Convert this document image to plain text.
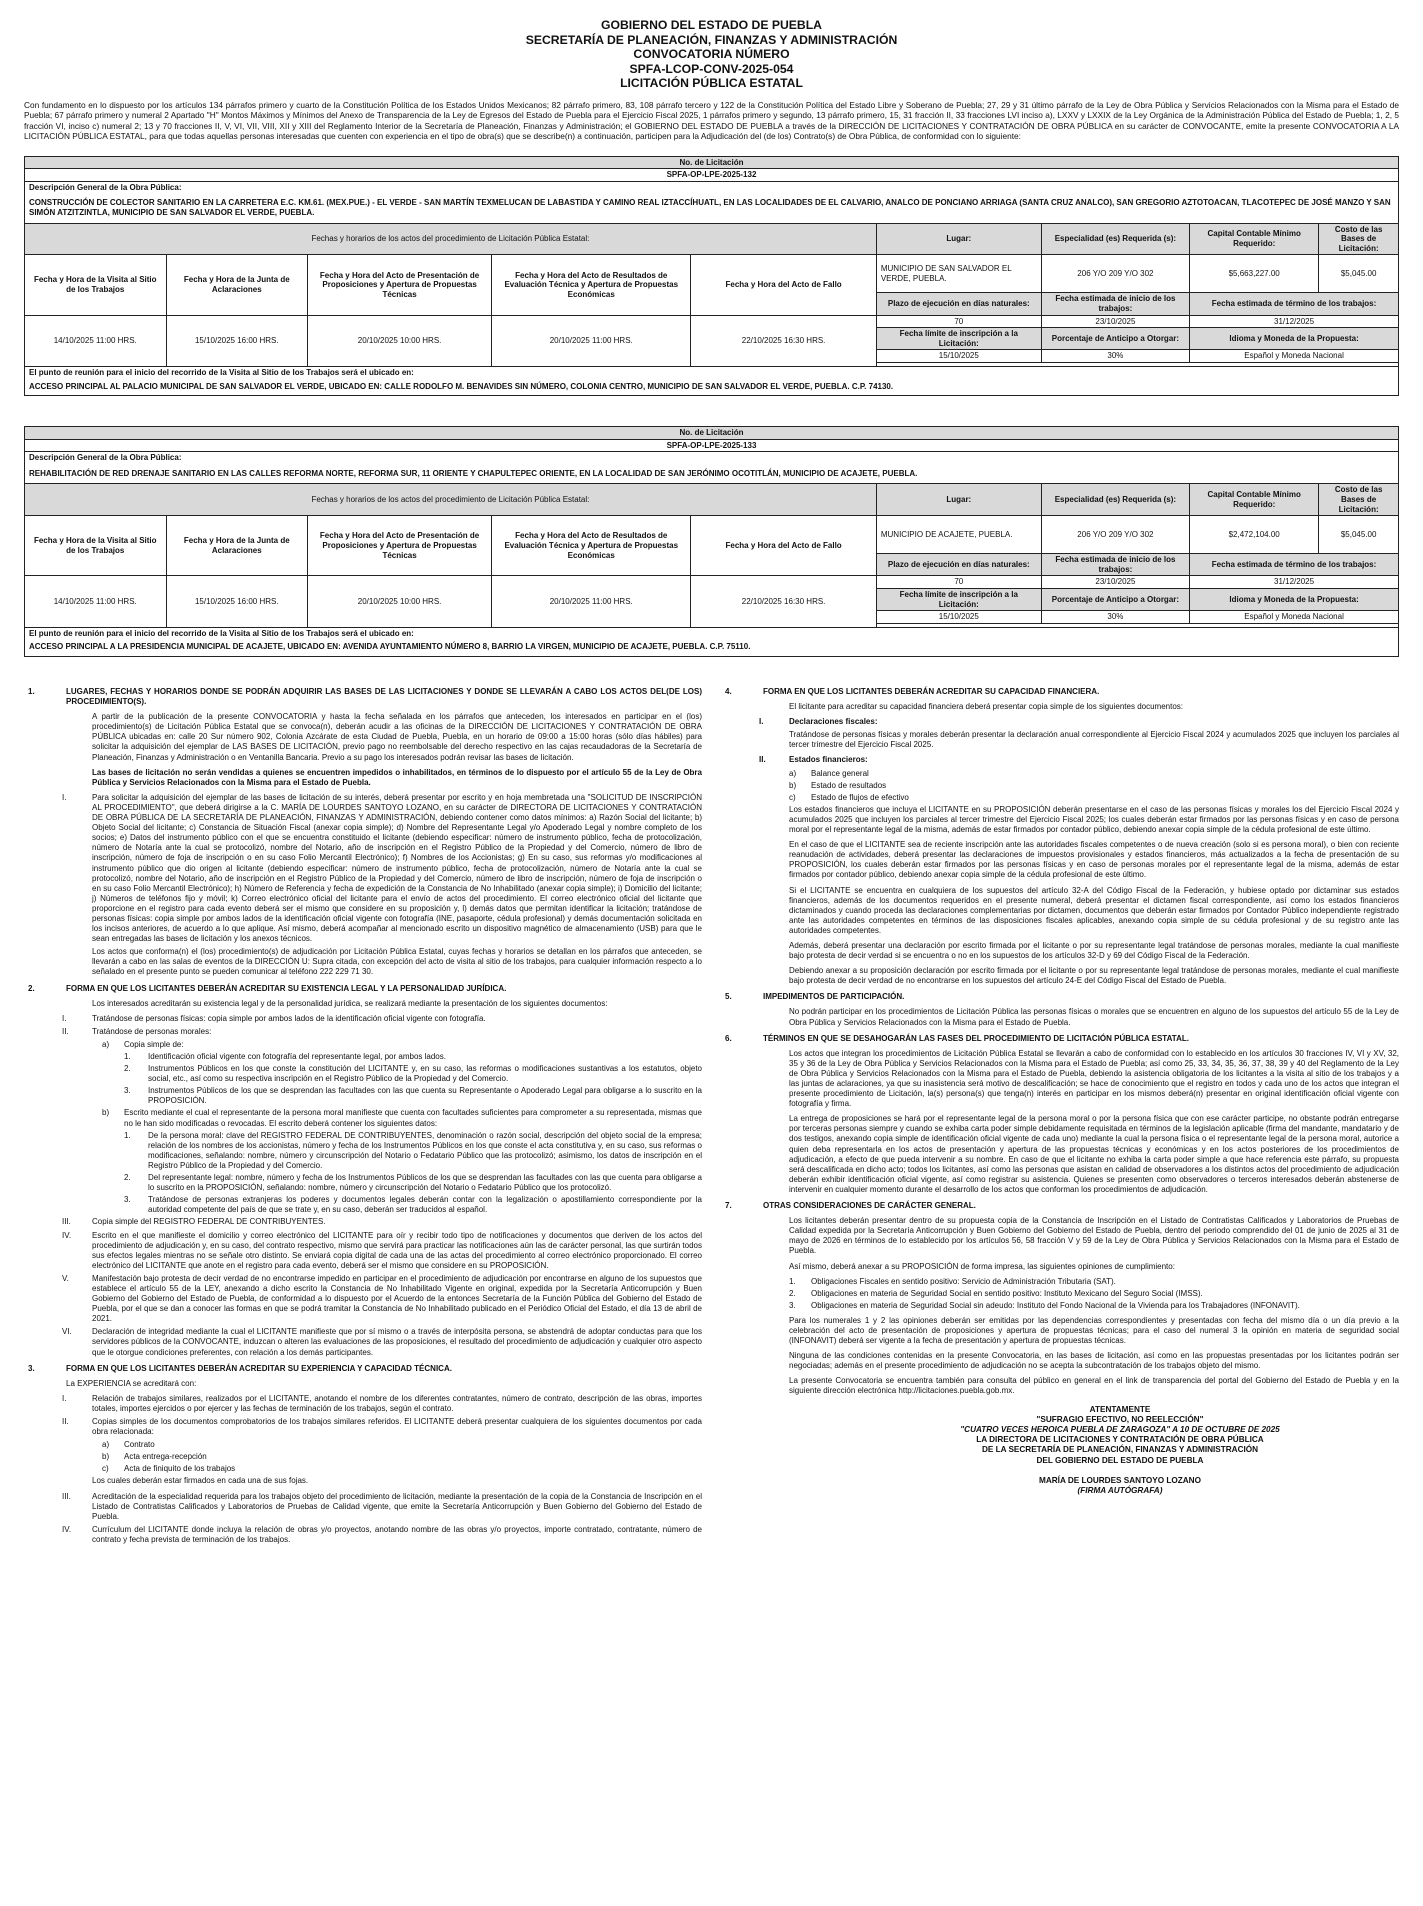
GOBIERNO DEL ESTADO DE PUEBLA
SECRETARÍA DE PLANEACIÓN, FINANZAS Y ADMINISTRACIÓN
CONVOCATORIA NÚMERO
SPFA-LCOP-CONV-2025-054
LICITACIÓN PÚBLICA ESTATAL
Con fundamento en lo dispuesto por los artículos 134 párrafos primero y cuarto de la Constitución Política de los Estados Unidos Mexicanos; 82 párrafo primero, 83, 108 párrafo tercero y 122 de la Constitución Política del Estado Libre y Soberano de Puebla; 27, 29 y 31 último párrafo de la Ley de Obra Pública y Servicios Relacionados con la Misma para el Estado de Puebla; 67 párrafo primero y numeral 2 Apartado "H" Montos Máximos y Mínimos del Anexo de Transparencia de la Ley de Egresos del Estado de Puebla para el Ejercicio Fiscal 2025, 1 párrafos primero y segundo, 13 párrafo primero, 15, 31 fracción II, 33 fracciones LVI inciso a), LXXV y LXXIX de la Ley Orgánica de la Administración Pública del Estado de Puebla; 1, 2, 5 fracción VI, inciso c) numeral 2; 13 y 70 fracciones II, V, VI, VII, VIII, XII y XIII del Reglamento Interior de la Secretaría de Planeación, Finanzas y Administración; el GOBIERNO DEL ESTADO DE PUEBLA a través de la DIRECCIÓN DE LICITACIONES Y CONTRATACIÓN DE OBRA PÚBLICA en su carácter de CONVOCANTE, emite la presente CONVOCATORIA A LA LICITACIÓN PÚBLICA ESTATAL, para que todas aquellas personas interesadas que cuenten con experiencia en el tipo de obra(s) que se describe(n) a continuación, participen para la Adjudicación del (de los) Contrato(s) de Obra Pública, de conformidad con lo siguiente:
No. de Licitación								
SPFA-OP-LPE-2025-132								
Descripción General de la Obra Pública:								
CONSTRUCCIÓN DE COLECTOR SANITARIO EN LA CARRETERA E.C. KM.61. (MEX.PUE.) - EL VERDE - SAN MARTÍN TEXMELUCAN DE LABASTIDA Y CAMINO REAL IZTACCÍHUATL, EN LAS LOCALIDADES DE EL CALVARIO, ANALCO DE PONCIANO ARRIAGA (SANTA CRUZ ANALCO), SAN GREGORIO AZTOTOACAN, TLACOTEPEC DE JOSÉ MANZO Y SAN SIMÓN ATZITZINTLA, MUNICIPIO DE SAN SALVADOR EL VERDE, PUEBLA.								
Fechas y horarios de los actos del procedimiento de Licitación Pública Estatal:					Lugar:	Especialidad (es) Requerida (s):	Capital Contable Mínimo Requerido:	Costo de las Bases de Licitación:
Fecha y Hora de la Visita al Sitio de los Trabajos	Fecha y Hora de la Junta de Aclaraciones	Fecha y Hora del Acto de Presentación de Proposiciones y Apertura de Propuestas Técnicas	Fecha y Hora del Acto de Resultados de Evaluación Técnica y Apertura de Propuestas Económicas	Fecha y Hora del Acto de Fallo	MUNICIPIO DE SAN SALVADOR EL VERDE, PUEBLA.	206 Y/O 209 Y/O 302	$5,663,227.00	$5,045.00
					Plazo de ejecución en días naturales:	Fecha estimada de inicio de los trabajos:	Fecha estimada de término de los trabajos:	
14/10/2025 11:00 HRS.	15/10/2025 16:00 HRS.	20/10/2025 10:00 HRS.	20/10/2025 11:00 HRS.	22/10/2025 16:30 HRS.	70	23/10/2025	31/12/2025	
					Fecha límite de inscripción a la Licitación:	Porcentaje de Anticipo a Otorgar:	Idioma y Moneda de la Propuesta:	
					15/10/2025	30%	Español y Moneda Nacional	

El punto de reunión para el inicio del recorrido de la Visita al Sitio de los Trabajos será el ubicado en:								
ACCESO PRINCIPAL AL PALACIO MUNICIPAL DE SAN SALVADOR EL VERDE, UBICADO EN: CALLE RODOLFO M. BENAVIDES SIN NÚMERO, COLONIA CENTRO, MUNICIPIO DE SAN SALVADOR EL VERDE, PUEBLA. C.P. 74130.								
No. de Licitación								
SPFA-OP-LPE-2025-133								
Descripción General de la Obra Pública:								
REHABILITACIÓN DE RED DRENAJE SANITARIO EN LAS CALLES REFORMA NORTE, REFORMA SUR, 11 ORIENTE Y CHAPULTEPEC ORIENTE, EN LA LOCALIDAD DE SAN JERÓNIMO OCOTITLÁN, MUNICIPIO DE ACAJETE, PUEBLA.								
Fechas y horarios de los actos del procedimiento de Licitación Pública Estatal:					Lugar:	Especialidad (es) Requerida (s):	Capital Contable Mínimo Requerido:	Costo de las Bases de Licitación:
Fecha y Hora de la Visita al Sitio de los Trabajos	Fecha y Hora de la Junta de Aclaraciones	Fecha y Hora del Acto de Presentación de Proposiciones y Apertura de Propuestas Técnicas	Fecha y Hora del Acto de Resultados de Evaluación Técnica y Apertura de Propuestas Económicas	Fecha y Hora del Acto de Fallo	MUNICIPIO DE ACAJETE, PUEBLA.	206 Y/O 209 Y/O 302	$2,472,104.00	$5,045.00
					Plazo de ejecución en días naturales:	Fecha estimada de inicio de los trabajos:	Fecha estimada de término de los trabajos:	
14/10/2025 11:00 HRS.	15/10/2025 16:00 HRS.	20/10/2025 10:00 HRS.	20/10/2025 11:00 HRS.	22/10/2025 16:30 HRS.	70	23/10/2025	31/12/2025	
					Fecha límite de inscripción a la Licitación:	Porcentaje de Anticipo a Otorgar:	Idioma y Moneda de la Propuesta:	
					15/10/2025	30%	Español y Moneda Nacional	

El punto de reunión para el inicio del recorrido de la Visita al Sitio de los Trabajos será el ubicado en:								
ACCESO PRINCIPAL A LA PRESIDENCIA MUNICIPAL DE ACAJETE, UBICADO EN: AVENIDA AYUNTAMIENTO NÚMERO 8, BARRIO LA VIRGEN, MUNICIPIO DE ACAJETE, PUEBLA. C.P. 75110.								
1.	LUGARES, FECHAS Y HORARIOS DONDE SE PODRÁN ADQUIRIR LAS BASES DE LAS LICITACIONES Y DONDE SE LLEVARÁN A CABO LOS ACTOS DEL(DE LOS) PROCEDIMIENTO(S).
A partir de la publicación de la presente CONVOCATORIA y hasta la fecha señalada en los párrafos que anteceden, los interesados en participar en el (los) procedimiento(s) de Licitación Pública Estatal que se convoca(n), deberán acudir a las oficinas de la DIRECCIÓN DE LICITACIONES Y CONTRATACIÓN DE OBRA PÚBLICA ubicadas en: calle 20 Sur número 902, Colonia Azcárate de esta Ciudad de Puebla, Puebla, en un horario de 09:00 a 15:00 horas (sólo días hábiles) para solicitar la adquisición del ejemplar de LAS BASES DE LICITACIÓN, previo pago no reembolsable del derecho respectivo en las cajas recaudadoras de la Secretaría de Planeación, Finanzas y Administración o en Ventanilla Bancaria. Previo a su pago los interesados podrán revisar las bases de licitación.
Las bases de licitación no serán vendidas a quienes se encuentren impedidos o inhabilitados, en términos de lo dispuesto por el artículo 55 de la Ley de Obra Pública y Servicios Relacionados con la Misma para el Estado de Puebla.
I.	Para solicitar la adquisición del ejemplar de las bases de licitación de su interés, deberá presentar por escrito y en hoja membretada una "SOLICITUD DE INSCRIPCIÓN AL PROCEDIMIENTO", que deberá dirigirse a la C. MARÍA DE LOURDES SANTOYO LOZANO, en su carácter de DIRECTORA DE LICITACIONES Y CONTRATACIÓN DE OBRA PÚBLICA DE LA SECRETARÍA DE PLANEACIÓN, FINANZAS Y ADMINISTRACIÓN, debiendo contener como datos mínimos: a) Razón Social del licitante; b) Objeto Social del licitante; c) Constancia de Situación Fiscal (anexar copia simple); d) Nombre del Representante Legal y/o Apoderado Legal y nombre completo de los socios; e) Datos del instrumento público con el que se encuentra constituido el licitante (debiendo especificar: número de instrumento público, fecha de protocolización, número de Notaría ante la cual se protocolizó, nombre del Notario, año de inscripción en el Registro Público de la Propiedad y del Comercio, número de libro de inscripción, número de foja de inscripción o en su caso Folio Mercantil Electrónico); f) Nombres de los Accionistas; g) En su caso, sus reformas y/o modificaciones al instrumento público que dio origen al licitante (debiendo especificar: número de instrumento público, fecha de protocolización, número de Notaría ante la cual se protocolizó, nombre del Notario, año de inscripción en el Registro Público de la Propiedad y del Comercio, número de libro de inscripción, número de foja de inscripción o en su caso Folio Mercantil Electrónico); h) Número de Referencia y fecha de expedición de la Constancia de No Inhabilitado (anexar copia simple); i) Domicilio del licitante; j) Números de teléfonos fijo y móvil; k) Correo electrónico oficial del licitante para el envío de actos del procedimiento. El correo electrónico oficial del licitante que proporcione en el registro para cada evento deberá ser el mismo que considere en su proposición y, l) demás datos que permitan identificar la licitación; tratándose de personas físicas: copia simple por ambos lados de la identificación oficial vigente con fotografía (INE, pasaporte, cédula profesional) y demás documentación solicitada en los incisos anteriores, de acuerdo a lo que aplique. Así mismo, deberá acompañar al mencionado escrito un dispositivo magnético de almacenamiento (USB) para que le sean entregadas las bases de licitación y los anexos técnicos.
Los actos que conforma(n) el (los) procedimiento(s) de adjudicación por Licitación Pública Estatal, cuyas fechas y horarios se detallan en los párrafos que anteceden, se llevarán a cabo en las salas de eventos de la DIRECCIÓN U: Supra citada, con excepción del acto de visita al sitio de los trabajos, para cualquier información respecto a lo señalado en el presente punto se pueden comunicar al teléfono 222 229 71 30.
2.	FORMA EN QUE LOS LICITANTES DEBERÁN ACREDITAR SU EXISTENCIA LEGAL Y LA PERSONALIDAD JURÍDICA.
Los interesados acreditarán su existencia legal y de la personalidad jurídica, se realizará mediante la presentación de los siguientes documentos:
I.	Tratándose de personas físicas: copia simple por ambos lados de la identificación oficial vigente con fotografía.
II.	Tratándose de personas morales:
a)	Copia simple de:
1.	Identificación oficial vigente con fotografía del representante legal, por ambos lados.
2.	Instrumentos Públicos en los que conste la constitución del LICITANTE y, en su caso, las reformas o modificaciones sustantivas a los estatutos, objeto social, etc., así como su respectiva inscripción en el Registro Público de la Propiedad y del Comercio.
3.	Instrumentos Públicos de los que se desprendan las facultades con las que cuenta su Representante o Apoderado Legal para obligarse a lo suscrito en la PROPOSICIÓN.
b)	Escrito mediante el cual el representante de la persona moral manifieste que cuenta con facultades suficientes para comprometer a su representada, mismas que no le han sido modificadas o revocadas. El escrito deberá contener los siguientes datos:
1.	De la persona moral: clave del REGISTRO FEDERAL DE CONTRIBUYENTES, denominación o razón social, descripción del objeto social de la empresa; relación de los nombres de los accionistas, número y fecha de los Instrumentos Públicos en los que conste el acta constitutiva y, en su caso, sus reformas o modificaciones, señalando: nombre, número y circunscripción del Notario o Fedatario Público que las protocolizó; asimismo, los datos de inscripción en el Registro Público de la Propiedad y del Comercio.
2.	Del representante legal: nombre, número y fecha de los Instrumentos Públicos de los que se desprendan las facultades con las que cuenta para obligarse a lo suscrito en la PROPOSICIÓN, señalando: nombre, número y circunscripción del Notario o Fedatario Público que los protocolizó.
3.	Tratándose de personas extranjeras los poderes y documentos legales deberán contar con la legalización o apostillamiento correspondiente por la autoridad competente del país de que se trate y, en su caso, deberán ser traducidos al español.
III.	Copia simple del REGISTRO FEDERAL DE CONTRIBUYENTES.
IV.	Escrito en el que manifieste el domicilio y correo electrónico del LICITANTE para oír y recibir todo tipo de notificaciones y documentos que deriven de los actos del procedimiento de adjudicación y, en su caso, del contrato respectivo, mismo que servirá para practicar las notificaciones aún las de carácter personal, las que surtirán todos sus efectos legales mientras no se señale otro distinto. Se enviará copia digital de cada una de las actas del procedimiento al correo electrónico proporcionado. El correo electrónico del LICITANTE que anote en el registro para cada evento, deberá ser el mismo que considere en su PROPOSICIÓN.
V.	Manifestación bajo protesta de decir verdad de no encontrarse impedido en participar en el procedimiento de adjudicación por encontrarse en alguno de los supuestos que establece el artículo 55 de la LEY, anexando a dicho escrito la Constancia de No Inhabilitado Vigente en original, expedida por la Secretaría Anticorrupción y Buen Gobierno del Gobierno del Estado de Puebla, de conformidad a lo dispuesto por el Acuerdo de la entonces Secretaría de la Función Pública del Gobierno del Estado de Puebla, por el que se dan a conocer las formas en que se podrá tramitar la Constancia de No Inhabilitado publicado en el Periódico Oficial del Estado, el día 13 de abril de 2021.
VI.	Declaración de integridad mediante la cual el LICITANTE manifieste que por sí mismo o a través de interpósita persona, se abstendrá de adoptar conductas para que los servidores públicos de la CONVOCANTE, induzcan o alteren las evaluaciones de las proposiciones, el resultado del procedimiento de adjudicación y cualquier otro aspecto que le otorgue condiciones preferentes, con relación a los demás participantes.
3.	FORMA EN QUE LOS LICITANTES DEBERÁN ACREDITAR SU EXPERIENCIA Y CAPACIDAD TÉCNICA.
La EXPERIENCIA se acreditará con:
I.	Relación de trabajos similares, realizados por el LICITANTE, anotando el nombre de los diferentes contratantes, número de contrato, descripción de las obras, importes totales, importes ejercidos o por ejercer y las fechas de terminación de los trabajos, según el contrato.
II.	Copias simples de los documentos comprobatorios de los trabajos similares referidos. El LICITANTE deberá presentar cualquiera de los siguientes documentos por cada obra relacionada:
a)	Contrato
b)	Acta entrega-recepción
c)	Acta de finiquito de los trabajos
Los cuales deberán estar firmados en cada una de sus fojas.
III.	Acreditación de la especialidad requerida para los trabajos objeto del procedimiento de licitación, mediante la presentación de la copia de la Constancia de Inscripción en el Listado de Contratistas Calificados y Laboratorios de Pruebas de Calidad vigente, que emite la Secretaría Anticorrupción y Buen Gobierno del Gobierno del Estado de Puebla.
IV.	Currículum del LICITANTE donde incluya la relación de obras y/o proyectos, anotando nombre de las obras y/o proyectos, importe contratado, contratante, número de contrato y fecha prevista de terminación de los trabajos.
4.	FORMA EN QUE LOS LICITANTES DEBERÁN ACREDITAR SU CAPACIDAD FINANCIERA.
El licitante para acreditar su capacidad financiera deberá presentar copia simple de los siguientes documentos:
I.	Declaraciones fiscales:
Tratándose de personas físicas y morales deberán presentar la declaración anual correspondiente al Ejercicio Fiscal 2024 y acumulados 2025 que incluyen los parciales al tercer trimestre del Ejercicio Fiscal 2025.
II.	Estados financieros:
a)	Balance general
b)	Estado de resultados
c)	Estado de flujos de efectivo
Los estados financieros que incluya el LICITANTE en su PROPOSICIÓN deberán presentarse en el caso de las personas físicas y morales los del Ejercicio Fiscal 2024 y acumulados 2025 que incluyen los parciales al tercer trimestre del Ejercicio Fiscal 2025; los cuales deberán estar firmados por las personas físicas y en caso de persona moral por el representante legal de la misma, además de estar firmados por contador público, debiendo anexar copia simple de la cédula profesional de este último.
En el caso de que el LICITANTE sea de reciente inscripción ante las autoridades fiscales competentes o de nueva creación (solo si es persona moral), o bien con reciente reanudación de actividades, deberá presentar las declaraciones de impuestos provisionales y estados financieros, más actualizados a la fecha de presentación de su PROPOSICIÓN, los cuales deberán estar firmados por las personas físicas y en caso de personas morales por el representante legal de la misma, además de estar firmados por contador público, debiendo anexar copia simple de la cédula profesional de este último.
Si el LICITANTE se encuentra en cualquiera de los supuestos del artículo 32-A del Código Fiscal de la Federación, y hubiese optado por dictaminar sus estados financieros, además de los documentos requeridos en el presente numeral, deberá presentar el dictamen fiscal correspondiente, así como los estados financieros dictaminados y cuando proceda las declaraciones complementarias por dictamen, documentos que deberán estar firmados por Contador Público independiente registrado ante las autoridades competentes en términos de las disposiciones fiscales aplicables, anexando copia simple de su cédula profesional y de su registro ante las autoridades competentes.
Además, deberá presentar una declaración por escrito firmada por el licitante o por su representante legal tratándose de personas morales, mediante la cual manifieste bajo protesta de decir verdad si se encuentra o no en los supuestos de los artículos 32-D y 69 del Código Fiscal de la Federación.
Debiendo anexar a su proposición declaración por escrito firmada por el licitante o por su representante legal tratándose de personas morales, mediante el cual manifieste bajo protesta de decir verdad de no encontrarse en los supuestos del artículo 24-E del Código Fiscal del Estado de Puebla.
5.	IMPEDIMENTOS DE PARTICIPACIÓN.
No podrán participar en los procedimientos de Licitación Pública las personas físicas o morales que se encuentren en alguno de los supuestos del artículo 55 de la Ley de Obra Pública y Servicios Relacionados con la Misma para el Estado de Puebla.
6.	TÉRMINOS EN QUE SE DESAHOGARÁN LAS FASES DEL PROCEDIMIENTO DE LICITACIÓN PÚBLICA ESTATAL.
Los actos que integran los procedimientos de Licitación Pública Estatal se llevarán a cabo de conformidad con lo establecido en los artículos 30 fracciones IV, VI y XV, 32, 35 y 36 de la Ley de Obra Pública y Servicios Relacionados con la Misma para el Estado de Puebla; así como 25, 33, 34, 35, 36, 37, 38, 39 y 40 del Reglamento de la Ley de Obra Pública y Servicios Relacionados con la Misma para el Estado de Puebla, debiendo la asistencia obligatoria de los licitantes a la visita al sitio de los trabajos y a las juntas de aclaraciones, ya que su inasistencia será motivo de descalificación; se hace de conocimiento que el registro en todos y cada uno de los actos que integran el presente procedimiento de Licitación, la(s) persona(s) que tenga(n) interés en participar en los mismos deberá(n) presentar en original identificación oficial vigente con fotografía y firma.
La entrega de proposiciones se hará por el representante legal de la persona moral o por la persona física que con ese carácter participe, no obstante podrán entregarse por terceras personas siempre y cuando se exhiba carta poder simple debidamente requisitada en términos de la legislación aplicable (firma del mandante, mandatario y de dos testigos, anexando copia simple de identificación oficial vigente de cada uno) mediante la cual la persona física o el representante legal de la persona moral, autorice a quien deba representarla en los actos de presentación y apertura de las propuestas técnicas y económicas y en los actos posteriores de los procedimientos de adjudicación, a efecto de que pueda intervenir a su nombre. En caso de que el licitante no exhiba la carta poder simple a que hace referencia este párrafo, su propuesta será descalificada en dicho acto; todos los licitantes, así como las personas que asistan en calidad de observadores a los distintos actos del procedimiento de adjudicación deberán exhibir identificación oficial vigente, así como registrar su asistencia. Quienes se presenten como observadores o terceros interesados deberán abstenerse de intervenir en cualquier momento durante el desarrollo de los actos que conforman los procedimientos de adjudicación.
7.	OTRAS CONSIDERACIONES DE CARÁCTER GENERAL.
Los licitantes deberán presentar dentro de su propuesta copia de la Constancia de Inscripción en el Listado de Contratistas Calificados y Laboratorios de Pruebas de Calidad expedida por la Secretaría Anticorrupción y Buen Gobierno del Gobierno del Estado de Puebla, dentro del periodo comprendido del 01 de junio de 2025 al 31 de mayo de 2026 en términos de lo establecido por los artículos 56, 58 fracción V y 59 de la Ley de Obra Pública y Servicios Relacionados con la Misma para el Estado de Puebla.
Así mismo, deberá anexar a su PROPOSICIÓN de forma impresa, las siguientes opiniones de cumplimiento:
1.	Obligaciones Fiscales en sentido positivo: Servicio de Administración Tributaria (SAT).
2.	Obligaciones en materia de Seguridad Social en sentido positivo: Instituto Mexicano del Seguro Social (IMSS).
3.	Obligaciones en materia de Seguridad Social sin adeudo: Instituto del Fondo Nacional de la Vivienda para los Trabajadores (INFONAVIT).
Para los numerales 1 y 2 las opiniones deberán ser emitidas por las dependencias correspondientes y presentadas con fecha del mismo día o un día previo a la celebración del acto de presentación de proposiciones y apertura de propuestas técnicas; para el caso del numeral 3 la opinión en materia de seguridad social (INFONAVIT) deberá ser vigente a la fecha de presentación y apertura de propuestas técnicas.
Ninguna de las condiciones contenidas en la presente Convocatoria, en las bases de licitación, así como en las propuestas presentadas por los licitantes podrán ser negociadas; además en el presente procedimiento de adjudicación no se acepta la subcontratación de los trabajos objeto del mismo.
La presente Convocatoria se encuentra también para consulta del público en general en el link de transparencia del portal del Gobierno del Estado de Puebla y en la siguiente dirección electrónica http://licitaciones.puebla.gob.mx.
ATENTAMENTE
"SUFRAGIO EFECTIVO, NO REELECCIÓN"
"CUATRO VECES HEROICA PUEBLA DE ZARAGOZA" A 10 DE OCTUBRE DE 2025
LA DIRECTORA DE LICITACIONES Y CONTRATACIÓN DE OBRA PÚBLICA
DE LA SECRETARÍA DE PLANEACIÓN, FINANZAS Y ADMINISTRACIÓN
DEL GOBIERNO DEL ESTADO DE PUEBLA
MARÍA DE LOURDES SANTOYO LOZANO
(FIRMA AUTÓGRAFA)
